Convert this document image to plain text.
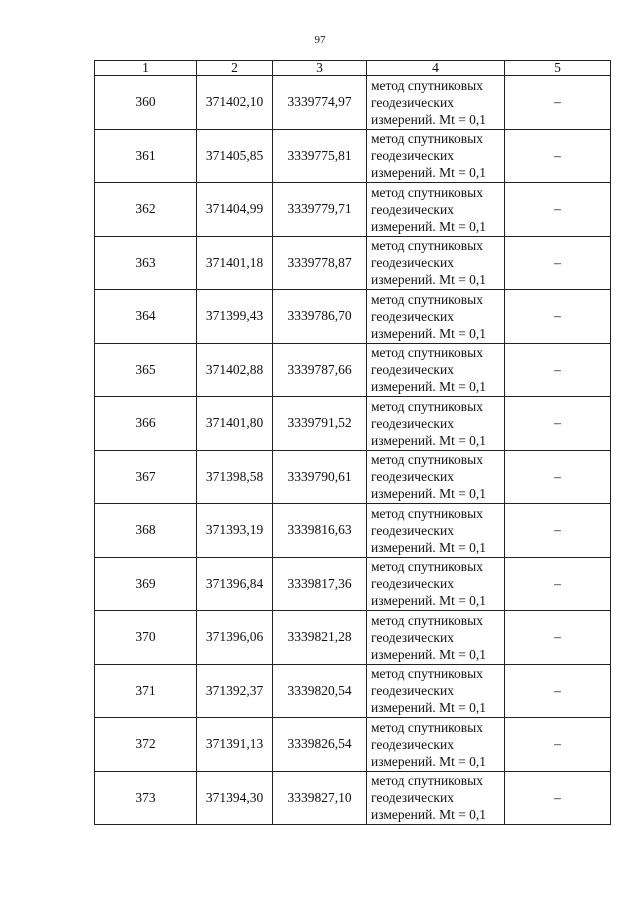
97
1	2	3	4	5
360	371402,10	3339774,97	метод спутниковых
геодезических
измерений. Mt = 0,1	–
361	371405,85	3339775,81	метод спутниковых
геодезических
измерений. Mt = 0,1	–
362	371404,99	3339779,71	метод спутниковых
геодезических
измерений. Mt = 0,1	–
363	371401,18	3339778,87	метод спутниковых
геодезических
измерений. Mt = 0,1	–
364	371399,43	3339786,70	метод спутниковых
геодезических
измерений. Mt = 0,1	–
365	371402,88	3339787,66	метод спутниковых
геодезических
измерений. Mt = 0,1	–
366	371401,80	3339791,52	метод спутниковых
геодезических
измерений. Mt = 0,1	–
367	371398,58	3339790,61	метод спутниковых
геодезических
измерений. Mt = 0,1	–
368	371393,19	3339816,63	метод спутниковых
геодезических
измерений. Mt = 0,1	–
369	371396,84	3339817,36	метод спутниковых
геодезических
измерений. Mt = 0,1	–
370	371396,06	3339821,28	метод спутниковых
геодезических
измерений. Mt = 0,1	–
371	371392,37	3339820,54	метод спутниковых
геодезических
измерений. Mt = 0,1	–
372	371391,13	3339826,54	метод спутниковых
геодезических
измерений. Mt = 0,1	–
373	371394,30	3339827,10	метод спутниковых
геодезических
измерений. Mt = 0,1	–
